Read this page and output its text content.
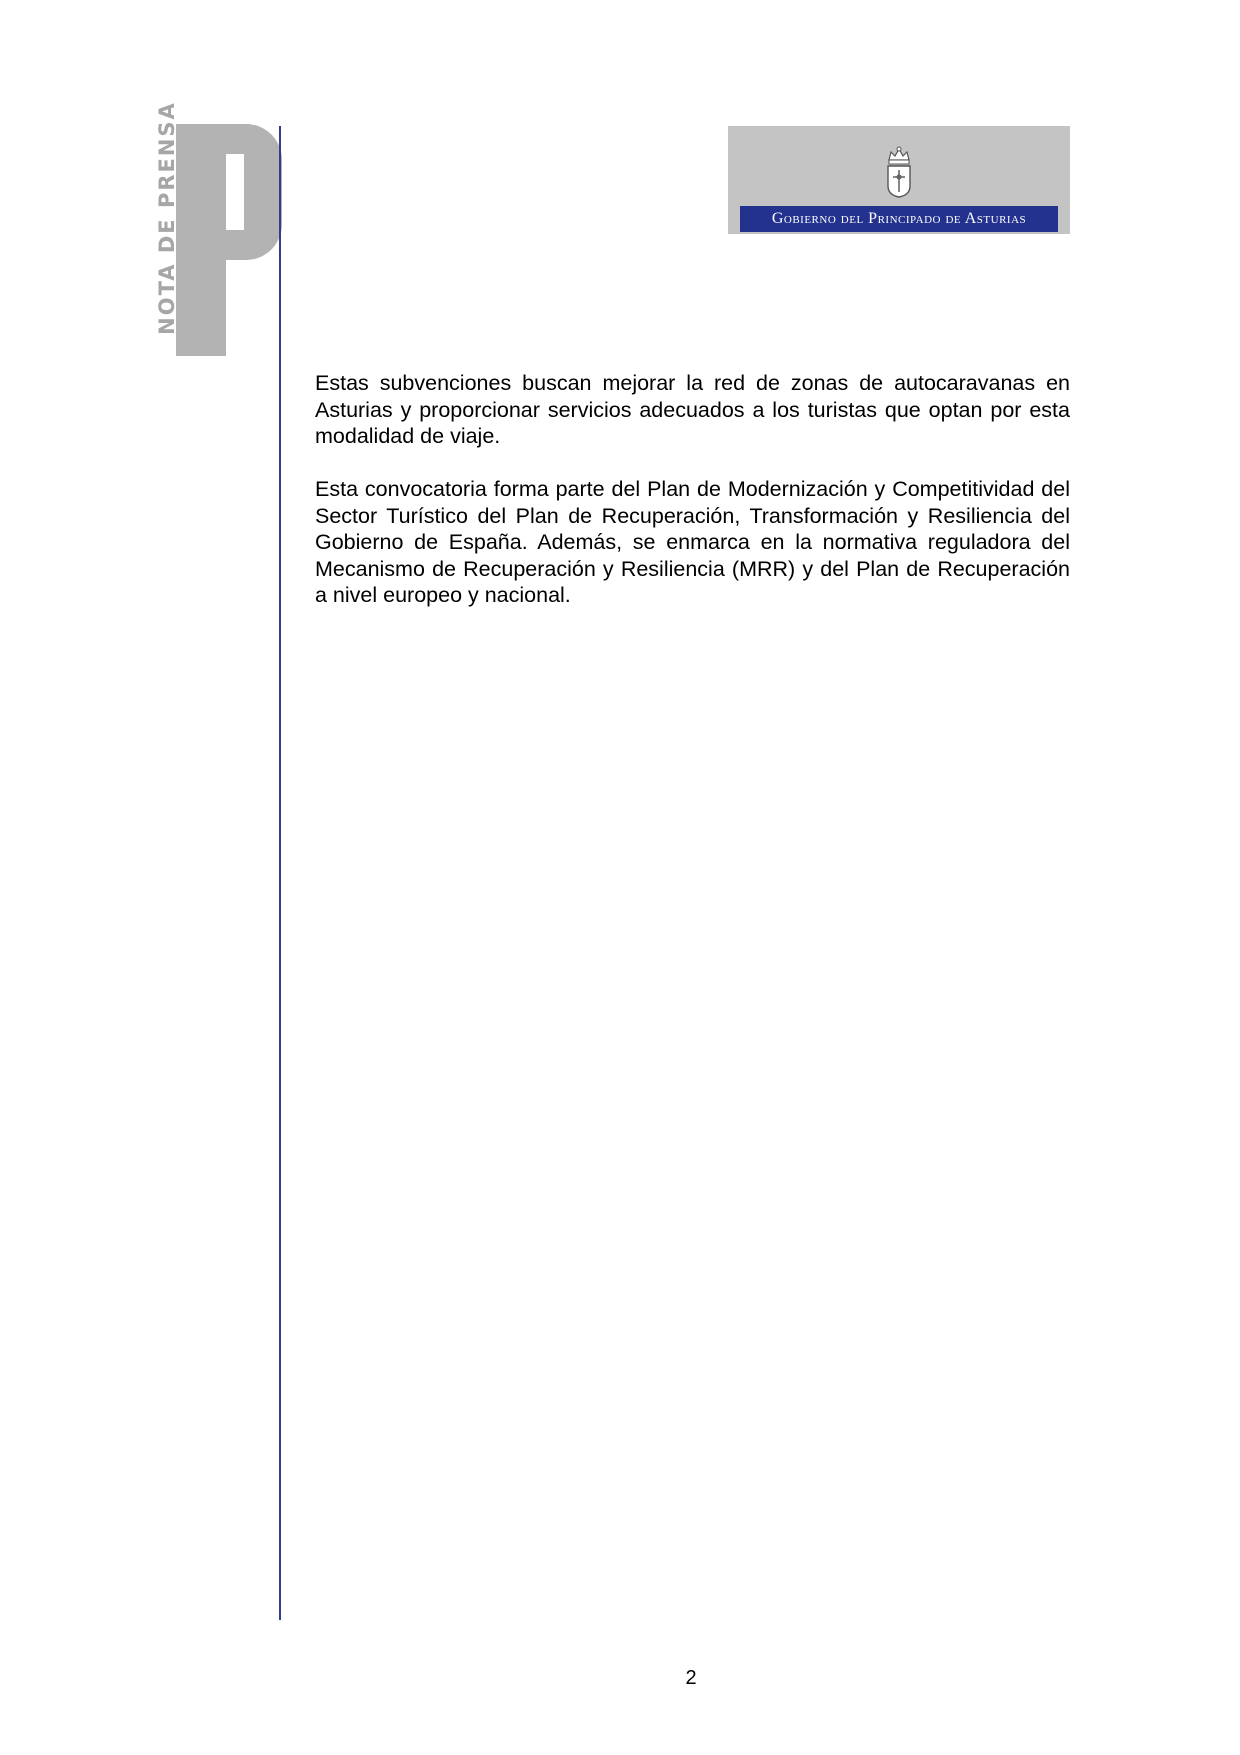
NOTA DE PRENSA	Gobierno del Principado de Asturias

Estas subvenciones buscan mejorar la red de zonas de autocaravanas en Asturias y proporcionar servicios adecuados a los turistas que optan por esta modalidad de viaje.

Esta convocatoria forma parte del Plan de Modernización y Competitividad del Sector Turístico del Plan de Recuperación, Transformación y Resiliencia del Gobierno de España. Además, se enmarca en la normativa reguladora del Mecanismo de Recuperación y Resiliencia (MRR) y del Plan de Recuperación a nivel europeo y nacional.

2
